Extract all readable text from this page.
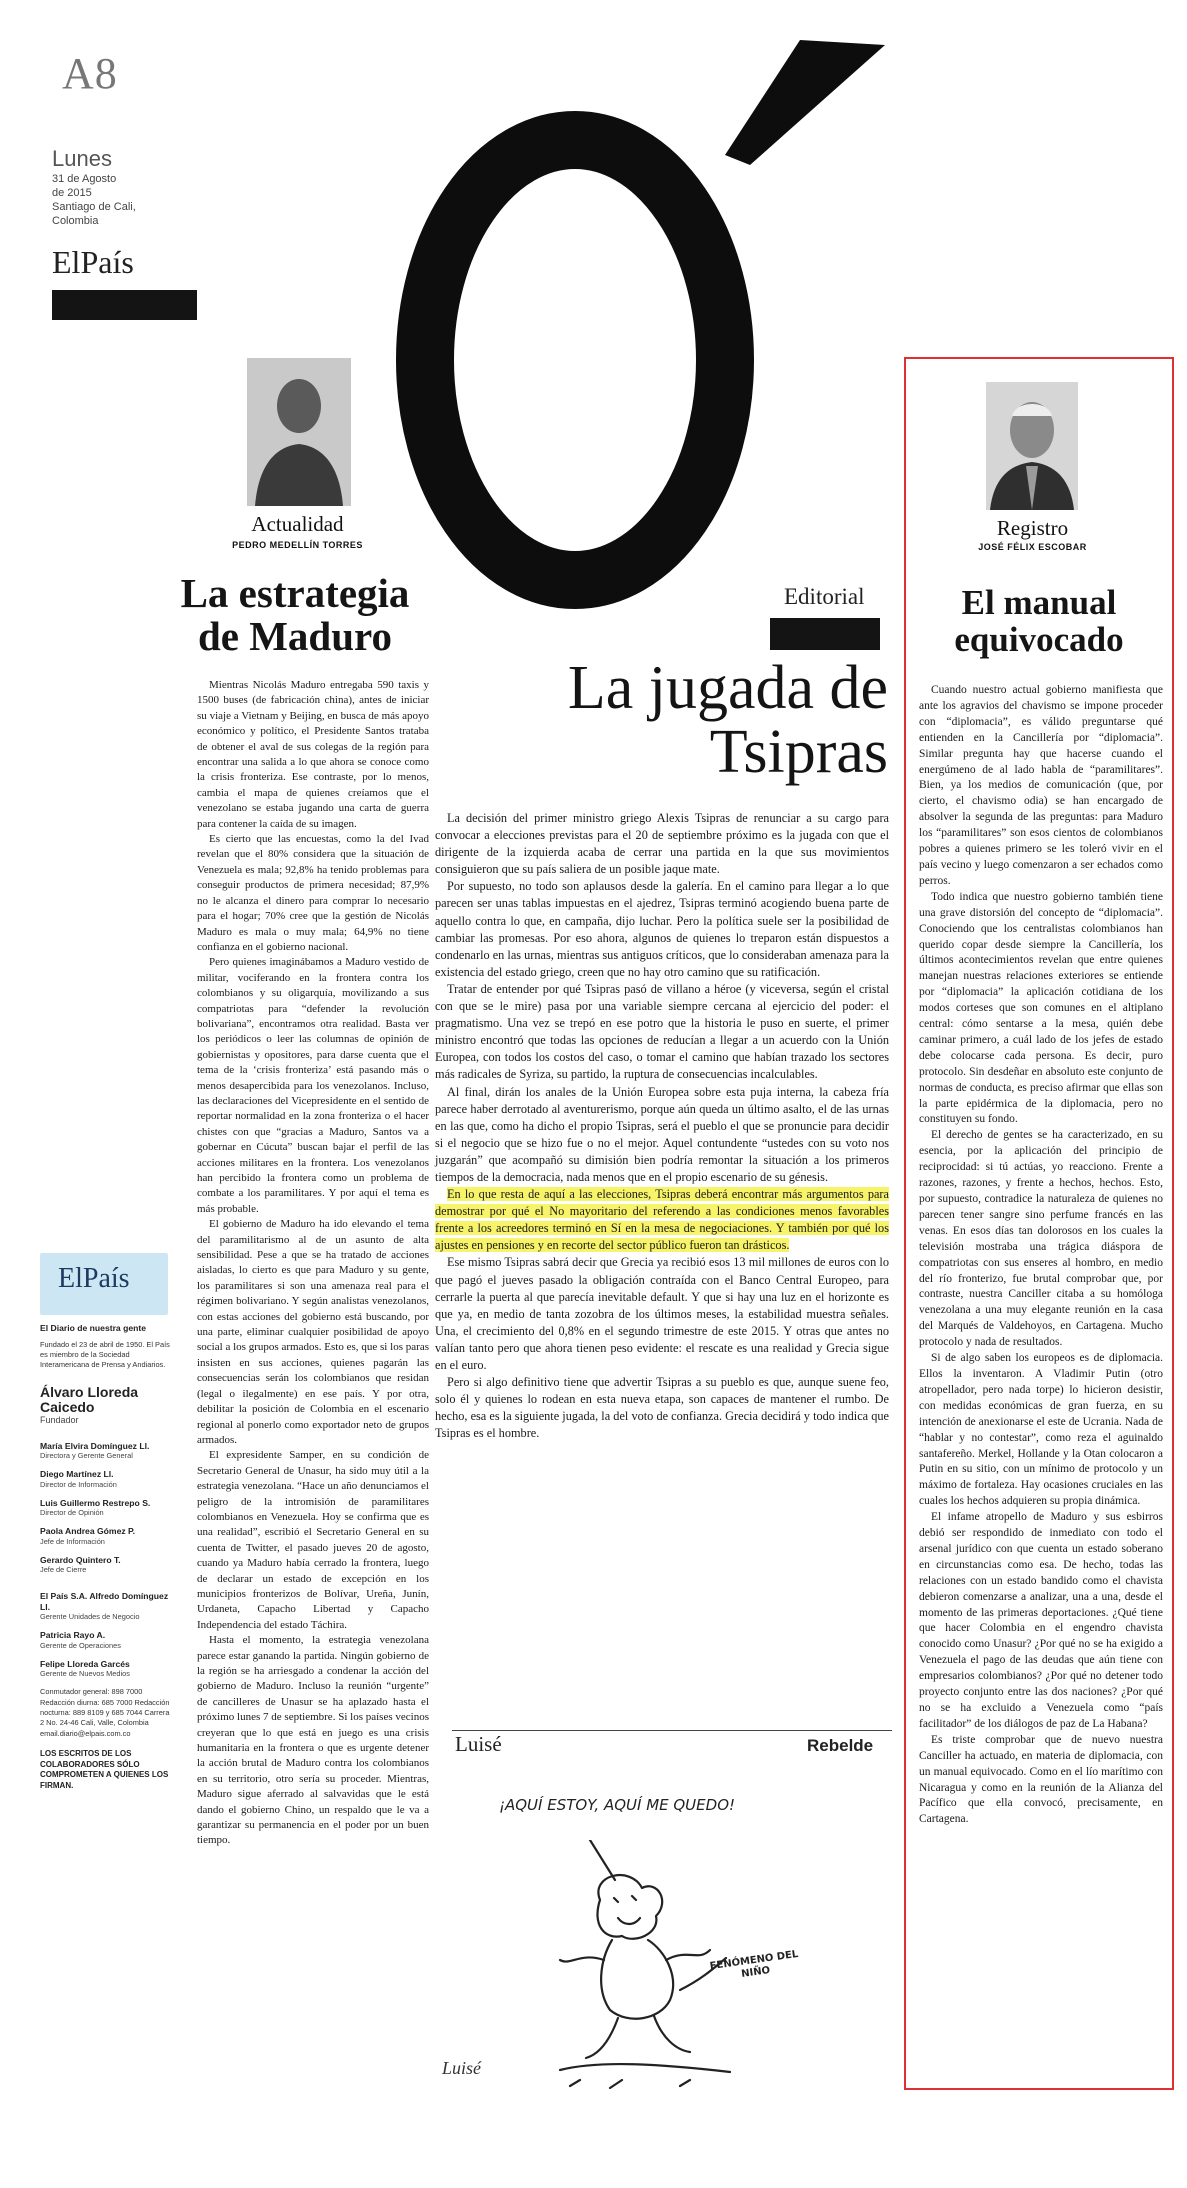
A8
Lunes
31 de Agosto
de 2015
Santiago de Cali,
Colombia
ElPaís
Actualidad
PEDRO MEDELLÍN TORRES
La estrategia
de Maduro

Mientras Nicolás Maduro entregaba 590 taxis y 1500 buses (de fabricación china), antes de iniciar su viaje a Vietnam y Beijing, en busca de más apoyo económico y político, el Presidente Santos trataba de obtener el aval de sus colegas de la región para encontrar una salida a lo que ahora se conoce como la crisis fronteriza. Ese contraste, por lo menos, cambia el mapa de quienes creíamos que el venezolano se estaba jugando una carta de guerra para contener la caída de su imagen.

Es cierto que las encuestas, como la del Ivad revelan que el 80% considera que la situación de Venezuela es mala; 92,8% ha tenido problemas para conseguir productos de primera necesidad; 87,9% no le alcanza el dinero para comprar lo necesario para el hogar; 70% cree que la gestión de Nicolás Maduro es mala o muy mala; 64,9% no tiene confianza en el gobierno nacional.

Pero quienes imaginábamos a Maduro vestido de militar, vociferando en la frontera contra los colombianos y su oligarquía, movilizando a sus compatriotas para “defender la revolución bolivariana”, encontramos otra realidad. Basta ver los periódicos o leer las columnas de opinión de gobiernistas y opositores, para darse cuenta que el tema de la ‘crisis fronteriza’ está pasando más o menos desapercibida para los venezolanos. Incluso, las declaraciones del Vicepresidente en el sentido de reportar normalidad en la zona fronteriza o el hacer chistes con que “gracias a Maduro, Santos va a gobernar en Cúcuta” buscan bajar el perfil de las acciones militares en la frontera. Los venezolanos han percibido la frontera como un problema de combate a los paramilitares. Y por aquí el tema es más probable.

El gobierno de Maduro ha ido elevando el tema del paramilitarismo al de un asunto de alta sensibilidad. Pese a que se ha tratado de acciones aisladas, lo cierto es que para Maduro y su gente, los paramilitares si son una amenaza real para el régimen bolivariano. Y según analistas venezolanos, con estas acciones del gobierno está buscando, por una parte, eliminar cualquier posibilidad de apoyo social a los grupos armados. Esto es, que si los paras insisten en sus acciones, quienes pagarán las consecuencias serán los colombianos que residan (legal o ilegalmente) en ese país. Y por otra, debilitar la posición de Colombia en el escenario regional al ponerlo como exportador neto de grupos armados.

El expresidente Samper, en su condición de Secretario General de Unasur, ha sido muy útil a la estrategia venezolana. “Hace un año denunciamos el peligro de la intromisión de paramilitares colombianos en Venezuela. Hoy se confirma que es una realidad”, escribió el Secretario General en su cuenta de Twitter, el pasado jueves 20 de agosto, cuando ya Maduro había cerrado la frontera, luego de declarar un estado de excepción en los municipios fronterizos de Bolívar, Ureña, Junín, Urdaneta, Capacho Libertad y Capacho Independencia del estado Táchira.

Hasta el momento, la estrategia venezolana parece estar ganando la partida. Ningún gobierno de la región se ha arriesgado a condenar la acción del gobierno de Maduro. Incluso la reunión “urgente” de cancilleres de Unasur se ha aplazado hasta el próximo lunes 7 de septiembre. Si los países vecinos creyeran que lo que está en juego es una crisis humanitaria en la frontera o que es urgente detener la acción brutal de Maduro contra los colombianos en su territorio, otro sería su proceder. Mientras, Maduro sigue aferrado al salvavidas que le está dando el gobierno Chino, un respaldo que le va a garantizar su permanencia en el poder por un buen tiempo.

ElPaís
El Diario de nuestra gente
Fundado el 23 de abril de 1950. El País es miembro de la Sociedad Interamericana de Prensa y Andiarios.
Álvaro Lloreda Caicedo
Fundador
María Elvira Domínguez Ll.
Directora y Gerente General
Diego Martínez Ll.
Director de Información
Luis Guillermo Restrepo S.
Director de Opinión
Paola Andrea Gómez P.
Jefe de Información
Gerardo Quintero T.
Jefe de Cierre
El País S.A. Alfredo Domínguez Ll.
Gerente Unidades de Negocio
Patricia Rayo A.
Gerente de Operaciones
Felipe Lloreda Garcés
Gerente de Nuevos Medios
Conmutador general: 898 7000 Redacción diurna: 685 7000 Redacción nocturna: 889 8109 y 685 7044 Carrera 2 No. 24-46 Cali, Valle, Colombia email.diario@elpais.com.co
LOS ESCRITOS DE LOS COLABORADORES SÓLO COMPROMETEN A QUIENES LOS FIRMAN.
Editorial
La jugada de
Tsipras

La decisión del primer ministro griego Alexis Tsipras de renunciar a su cargo para convocar a elecciones previstas para el 20 de septiembre próximo es la jugada con que el dirigente de la izquierda acaba de cerrar una partida en la que sus movimientos consiguieron que su país saliera de un posible jaque mate.

Por supuesto, no todo son aplausos desde la galería. En el camino para llegar a lo que parecen ser unas tablas impuestas en el ajedrez, Tsipras terminó acogiendo buena parte de aquello contra lo que, en campaña, dijo luchar. Pero la política suele ser la posibilidad de cambiar las promesas. Por eso ahora, algunos de quienes lo treparon están dispuestos a condenarlo en las urnas, mientras sus antiguos críticos, que lo consideraban amenaza para la existencia del estado griego, creen que no hay otro camino que su ratificación.

Tratar de entender por qué Tsipras pasó de villano a héroe (y viceversa, según el cristal con que se le mire) pasa por una variable siempre cercana al ejercicio del poder: el pragmatismo. Una vez se trepó en ese potro que la historia le puso en suerte, el primer ministro encontró que todas las opciones de reducían a llegar a un acuerdo con la Unión Europea, con todos los costos del caso, o tomar el camino que habían trazado los sectores más radicales de Syriza, su partido, la ruptura de consecuencias incalculables.

Al final, dirán los anales de la Unión Europea sobre esta puja interna, la cabeza fría parece haber derrotado al aventurerismo, porque aún queda un último asalto, el de las urnas en las que, como ha dicho el propio Tsipras, será el pueblo el que se pronuncie para decidir si el negocio que se hizo fue o no el mejor. Aquel contundente “ustedes con su voto nos juzgarán” que acompañó su dimisión bien podría remontar la situación a los primeros tiempos de la democracia, nada menos que en el propio escenario de su génesis.

En lo que resta de aquí a las elecciones, Tsipras deberá encontrar más argumentos para demostrar por qué el No mayoritario del referendo a las condiciones menos favorables frente a los acreedores terminó en Sí en la mesa de negociaciones. Y también por qué los ajustes en pensiones y en recorte del sector público fueron tan drásticos.

Ese mismo Tsipras sabrá decir que Grecia ya recibió esos 13 mil millones de euros con lo que pagó el jueves pasado la obligación contraída con el Banco Central Europeo, para cerrarle la puerta al que parecía inevitable default. Y que si hay una luz en el horizonte es que ya, en medio de tanta zozobra de los últimos meses, la estabilidad muestra señales. Una, el crecimiento del 0,8% en el segundo trimestre de este 2015. Y otras que antes no valían tanto pero que ahora tienen peso evidente: el rescate es una realidad y Grecia sigue en el euro.

Pero si algo definitivo tiene que advertir Tsipras a su pueblo es que, aunque suene feo, solo él y quienes lo rodean en esta nueva etapa, son capaces de mantener el rumbo. De hecho, esa es la siguiente jugada, la del voto de confianza. Grecia decidirá y todo indica que Tsipras es el hombre.

Luisé	Rebelde
¡AQUÍ ESTOY, AQUÍ ME QUEDO!
FENÓMENO DEL NIÑO
Luisé
Registro
JOSÉ FÉLIX ESCOBAR
El manual
equivocado

Cuando nuestro actual gobierno manifiesta que ante los agravios del chavismo se impone proceder con “diplomacia”, es válido preguntarse qué entienden en la Cancillería por “diplomacia”. Similar pregunta hay que hacerse cuando el energúmeno de al lado habla de “paramilitares”. Bien, ya los medios de comunicación (que, por cierto, el chavismo odia) se han encargado de absolver la segunda de las preguntas: para Maduro los “paramilitares” son esos cientos de colombianos pobres a quienes primero se les toleró vivir en el país vecino y luego comenzaron a ser echados como perros.

Todo indica que nuestro gobierno también tiene una grave distorsión del concepto de “diplomacia”. Conociendo que los centralistas colombianos han querido copar desde siempre la Cancillería, los últimos acontecimientos revelan que entre quienes manejan nuestras relaciones exteriores se entiende por “diplomacia” la aplicación cotidiana de los modos corteses que son comunes en el altiplano central: cómo sentarse a la mesa, quién debe caminar primero, a cuál lado de los jefes de estado debe colocarse cada persona. Es decir, puro protocolo. Sin desdeñar en absoluto este conjunto de normas de conducta, es preciso afirmar que ellas son la parte epidérmica de la diplomacia, pero no constituyen su fondo.

El derecho de gentes se ha caracterizado, en su esencia, por la aplicación del principio de reciprocidad: si tú actúas, yo reacciono. Frente a razones, razones, y frente a hechos, hechos. Esto, por supuesto, contradice la naturaleza de quienes no parecen tener sangre sino perfume francés en las venas. En esos días tan dolorosos en los cuales la televisión mostraba una trágica diáspora de compatriotas con sus enseres al hombro, en medio del río fronterizo, fue brutal comprobar que, por contraste, nuestra Canciller citaba a su homóloga venezolana a una muy elegante reunión en la casa del Marqués de Valdehoyos, en Cartagena. Mucho protocolo y nada de resultados.

Si de algo saben los europeos es de diplomacia. Ellos la inventaron. A Vladimir Putin (otro atropellador, pero nada torpe) lo hicieron desistir, con medidas económicas de gran fuerza, en su intención de anexionarse el este de Ucrania. Nada de “hablar y no contestar”, como reza el aguinaldo santafereño. Merkel, Hollande y la Otan colocaron a Putin en su sitio, con un mínimo de protocolo y un máximo de fortaleza. Hay ocasiones cruciales en las cuales los hechos adquieren su propia dinámica.

El infame atropello de Maduro y sus esbirros debió ser respondido de inmediato con todo el arsenal jurídico con que cuenta un estado soberano en circunstancias como esa. De hecho, todas las relaciones con un estado bandido como el chavista debieron comenzarse a analizar, una a una, desde el momento de las primeras deportaciones. ¿Qué tiene que hacer Colombia en el engendro chavista conocido como Unasur? ¿Por qué no se ha exigido a Venezuela el pago de las deudas que aún tiene con empresarios colombianos? ¿Por qué no detener todo proyecto conjunto entre las dos naciones? ¿Por qué no se ha excluido a Venezuela como “país facilitador” de los diálogos de paz de La Habana?

Es triste comprobar que de nuevo nuestra Canciller ha actuado, en materia de diplomacia, con un manual equivocado. Como en el lío marítimo con Nicaragua y como en la reunión de la Alianza del Pacífico que ella convocó, precisamente, en Cartagena.
